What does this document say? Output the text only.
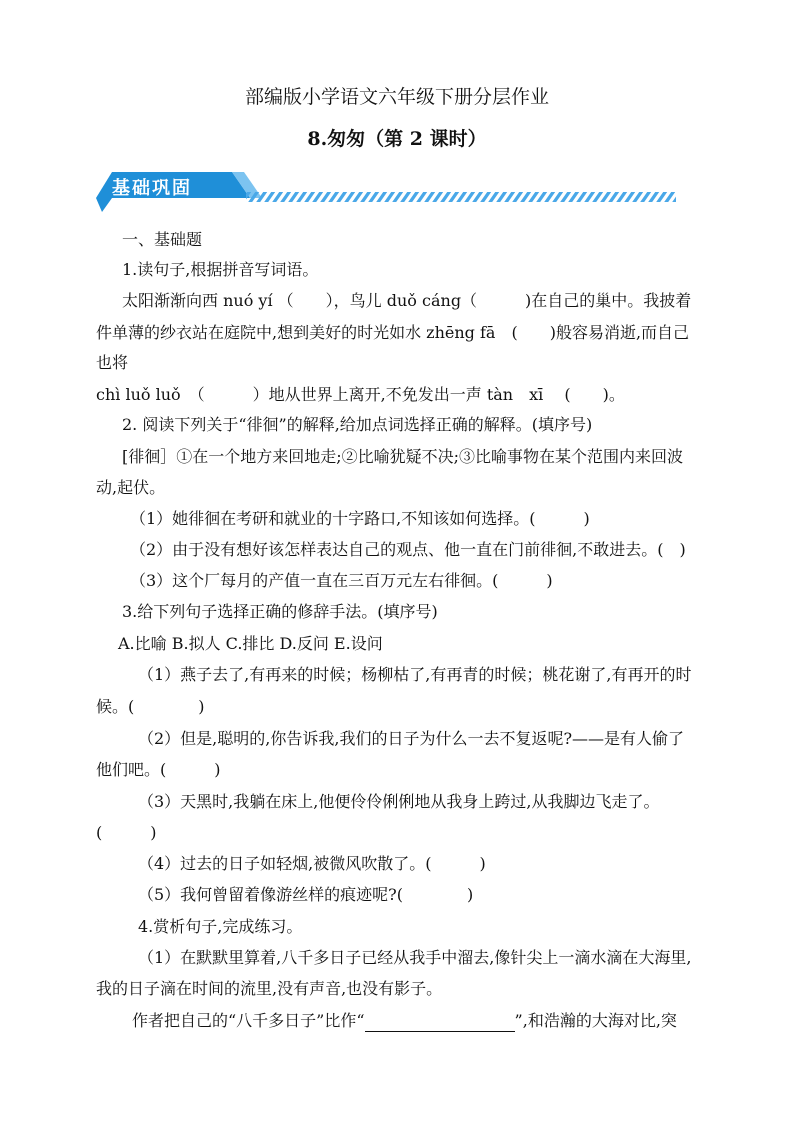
部编版小学语文六年级下册分层作业
8.匆匆（第 2 课时）
基础巩固
一、基础题
1.读句子,根据拼音写词语。
太阳渐渐向西 nuó yí （　　），鸟儿 duǒ cáng（　　　)在自己的巢中。我披着
件单薄的纱衣站在庭院中,想到美好的时光如水 zhēng fā　(　　)般容易消逝,而自己
也将
chì luǒ luǒ　（　　　）地从世界上离开,不免发出一声 tàn　xī　 (　　)。
2. 阅读下列关于“徘徊”的解释,给加点词选择正确的解释。(填序号)
[徘徊］①在一个地方来回地走;②比喻犹疑不决;③比喻事物在某个范围内来回波
动,起伏。
（1）她徘徊在考研和就业的十字路口,不知该如何选择。(　　　)
（2）由于没有想好该怎样表达自己的观点、他一直在门前徘徊,不敢进去。(　)
（3）这个厂每月的产值一直在三百万元左右徘徊。(　　　)
3.给下列句子选择正确的修辞手法。(填序号)
A.比喻 B.拟人 C.排比 D.反问 E.设问
（1）燕子去了,有再来的时候；杨柳枯了,有再青的时候；桃花谢了,有再开的时
候。(　　　　)
（2）但是,聪明的,你告诉我,我们的日子为什么一去不复返呢?——是有人偷了
他们吧。(　　　)
（3）天黑时,我躺在床上,他便伶伶俐俐地从我身上跨过,从我脚边飞走了。
(　　　)
（4）过去的日子如轻烟,被微风吹散了。(　　　)
（5）我何曾留着像游丝样的痕迹呢?(　　　　)
4.赏析句子,完成练习。
（1）在默默里算着,八千多日子已经从我手中溜去,像针尖上一滴水滴在大海里,
我的日子滴在时间的流里,没有声音,也没有影子。
作者把自己的“八千多日子”比作“	”,和浩瀚的大海对比,突
